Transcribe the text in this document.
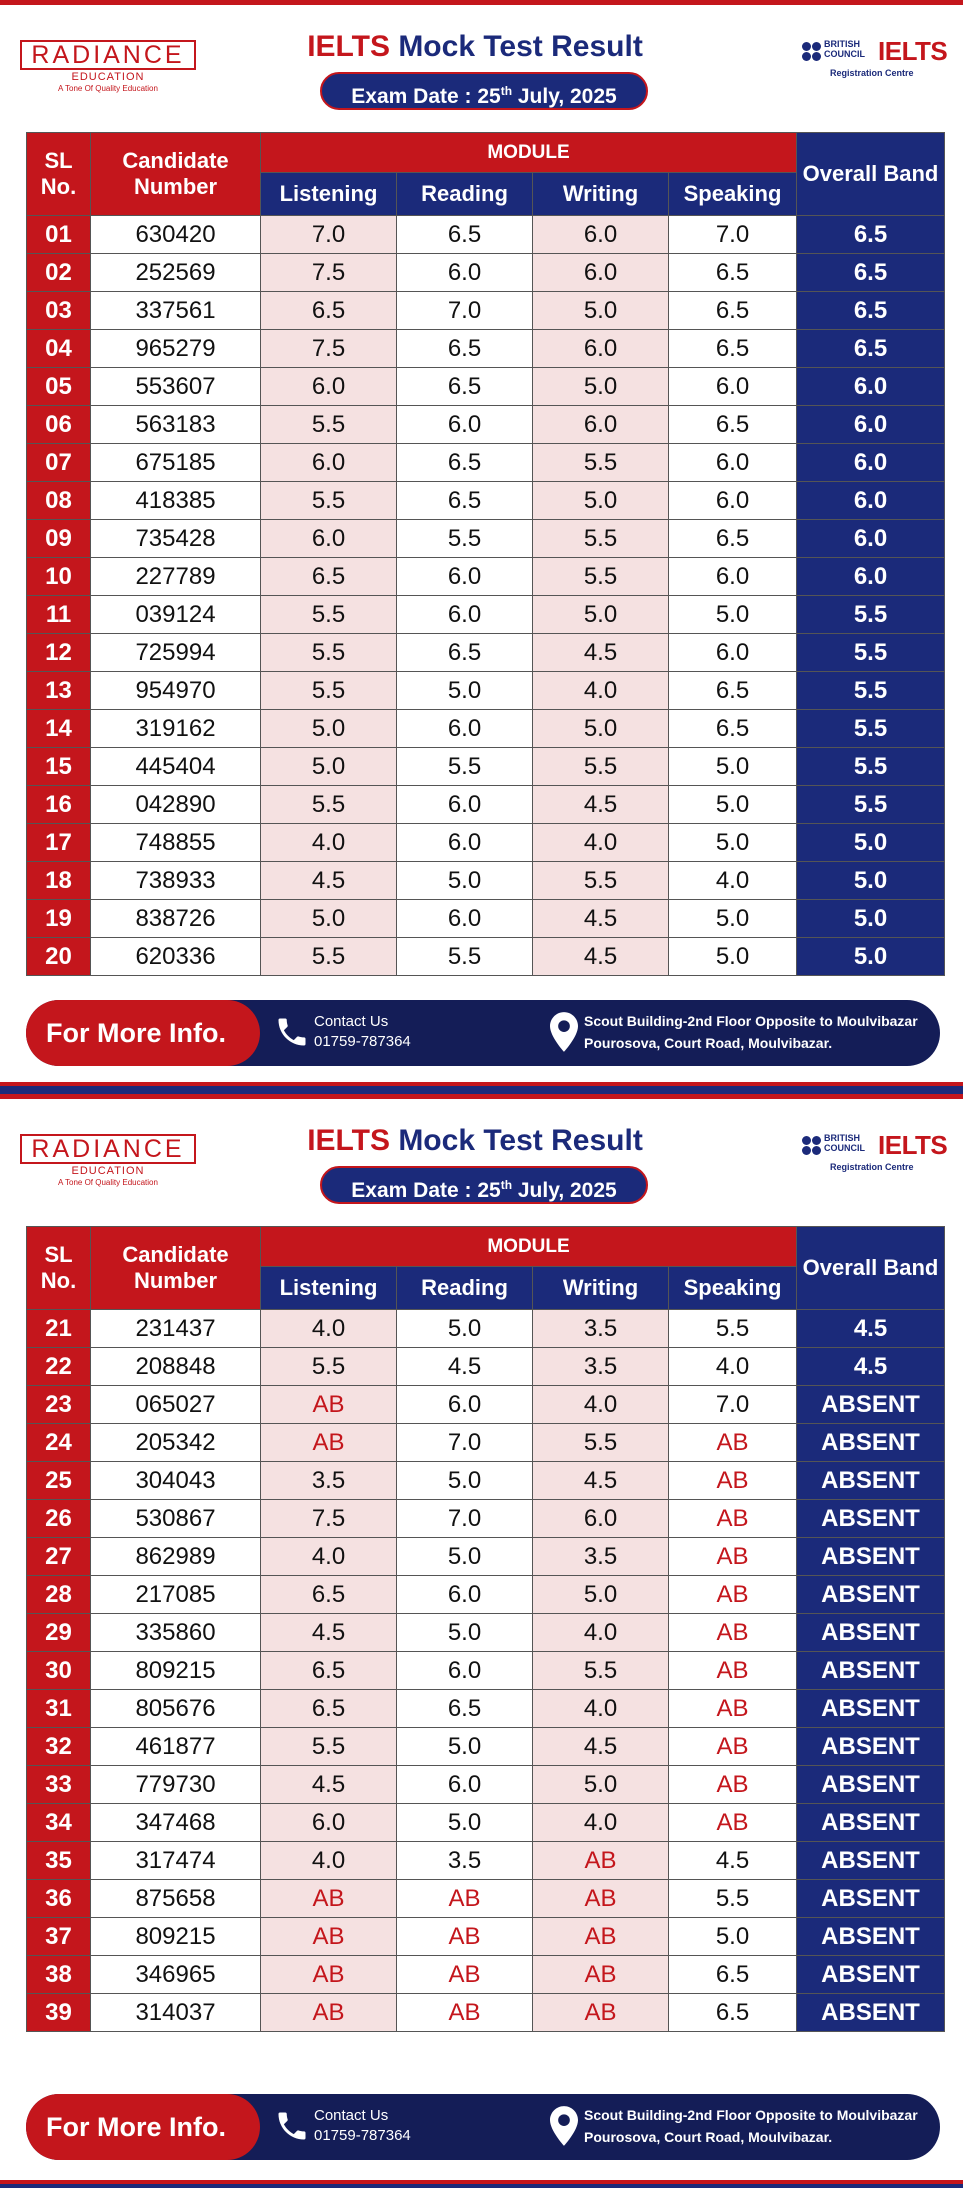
RADIANCE
EDUCATION
A Tone Of Quality Education
IELTS Mock Test Result
Exam Date : 25th July, 2025
BRITISH
COUNCIL IELTS
Registration Centre
SL No.	Candidate Number	MODULE				Overall Band
		Listening	Reading	Writing	Speaking	
01	630420	7.0	6.5	6.0	7.0	6.5
02	252569	7.5	6.0	6.0	6.5	6.5
03	337561	6.5	7.0	5.0	6.5	6.5
04	965279	7.5	6.5	6.0	6.5	6.5
05	553607	6.0	6.5	5.0	6.0	6.0
06	563183	5.5	6.0	6.0	6.5	6.0
07	675185	6.0	6.5	5.5	6.0	6.0
08	418385	5.5	6.5	5.0	6.0	6.0
09	735428	6.0	5.5	5.5	6.5	6.0
10	227789	6.5	6.0	5.5	6.0	6.0
11	039124	5.5	6.0	5.0	5.0	5.5
12	725994	5.5	6.5	4.5	6.0	5.5
13	954970	5.5	5.0	4.0	6.5	5.5
14	319162	5.0	6.0	5.0	6.5	5.5
15	445404	5.0	5.5	5.5	5.0	5.5
16	042890	5.5	6.0	4.5	5.0	5.5
17	748855	4.0	6.0	4.0	5.0	5.0
18	738933	4.5	5.0	5.5	4.0	5.0
19	838726	5.0	6.0	4.5	5.0	5.0
20	620336	5.5	5.5	4.5	5.0	5.0
For More Info.	Contact Us
01759-787364
Scout Building-2nd Floor Opposite to Moulvibazar
Pourosova, Court Road, Moulvibazar.
RADIANCE
EDUCATION
A Tone Of Quality Education
IELTS Mock Test Result
Exam Date : 25th July, 2025
BRITISH
COUNCIL IELTS
Registration Centre
SL No.	Candidate Number	MODULE				Overall Band
		Listening	Reading	Writing	Speaking	
21	231437	4.0	5.0	3.5	5.5	4.5
22	208848	5.5	4.5	3.5	4.0	4.5
23	065027	AB	6.0	4.0	7.0	ABSENT
24	205342	AB	7.0	5.5	AB	ABSENT
25	304043	3.5	5.0	4.5	AB	ABSENT
26	530867	7.5	7.0	6.0	AB	ABSENT
27	862989	4.0	5.0	3.5	AB	ABSENT
28	217085	6.5	6.0	5.0	AB	ABSENT
29	335860	4.5	5.0	4.0	AB	ABSENT
30	809215	6.5	6.0	5.5	AB	ABSENT
31	805676	6.5	6.5	4.0	AB	ABSENT
32	461877	5.5	5.0	4.5	AB	ABSENT
33	779730	4.5	6.0	5.0	AB	ABSENT
34	347468	6.0	5.0	4.0	AB	ABSENT
35	317474	4.0	3.5	AB	4.5	ABSENT
36	875658	AB	AB	AB	5.5	ABSENT
37	809215	AB	AB	AB	5.0	ABSENT
38	346965	AB	AB	AB	6.5	ABSENT
39	314037	AB	AB	AB	6.5	ABSENT
For More Info.	Contact Us
01759-787364
Scout Building-2nd Floor Opposite to Moulvibazar
Pourosova, Court Road, Moulvibazar.
